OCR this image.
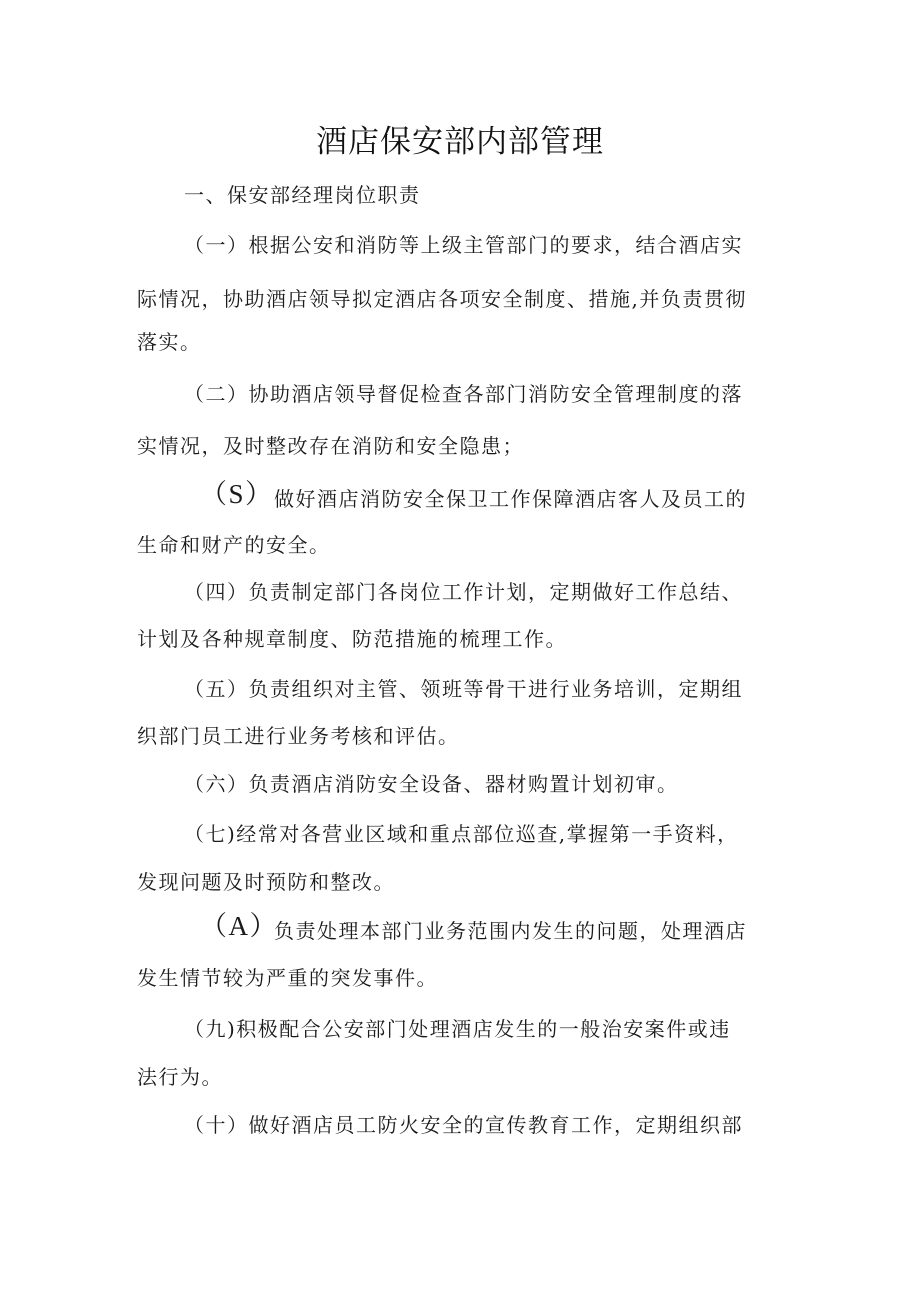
酒店保安部内部管理
一、保安部经理岗位职责
（一）根据公安和消防等上级主管部门的要求，结合酒店实
际情况，协助酒店领导拟定酒店各项安全制度、措施,并负责贯彻
落实。
（二）协助酒店领导督促检查各部门消防安全管理制度的落
实情况，及时整改存在消防和安全隐患；
（S） 做好酒店消防安全保卫工作保障酒店客人及员工的
生命和财产的安全。
（四）负责制定部门各岗位工作计划，定期做好工作总结、
计划及各种规章制度、防范措施的梳理工作。
（五）负责组织对主管、领班等骨干进行业务培训，定期组
织部门员工进行业务考核和评估。
（六）负责酒店消防安全设备、器材购置计划初审。
（七)经常对各营业区域和重点部位巡查,掌握第一手资料，
发现问题及时预防和整改。
（A）
负责处理本部门业务范围内发生的问题，处理酒店
发生情节较为严重的突发事件。
（九)积极配合公安部门处理酒店发生的一般治安案件或违
法行为。
（十）做好酒店员工防火安全的宣传教育工作，定期组织部
